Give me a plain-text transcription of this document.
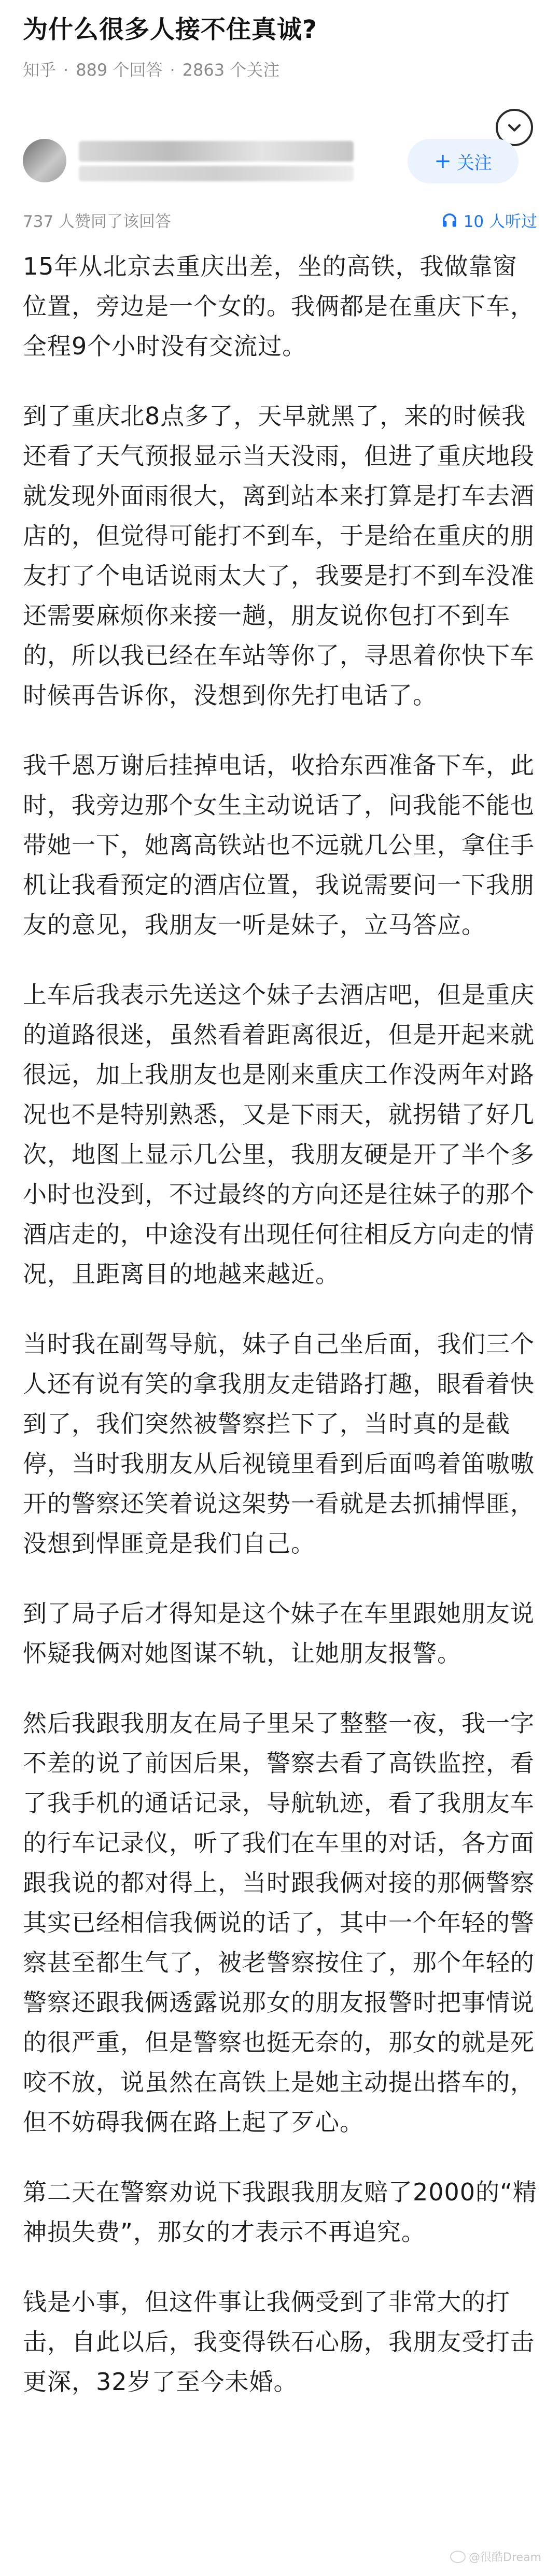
为什么很多人接不住真诚?
知乎 · 889 个回答 · 2863 个关注
+ 关注
737 人赞同了该回答	10 人听过

15年从北京去重庆出差，坐的高铁，我做靠窗位置，旁边是一个女的。我俩都是在重庆下车，全程9个小时没有交流过。

到了重庆北8点多了，天早就黑了，来的时候我还看了天气预报显示当天没雨，但进了重庆地段就发现外面雨很大，离到站本来打算是打车去酒店的，但觉得可能打不到车，于是给在重庆的朋友打了个电话说雨太大了，我要是打不到车没准还需要麻烦你来接一趟，朋友说你包打不到车的，所以我已经在车站等你了，寻思着你快下车时候再告诉你，没想到你先打电话了。

我千恩万谢后挂掉电话，收拾东西准备下车，此时，我旁边那个女生主动说话了，问我能不能也带她一下，她离高铁站也不远就几公里，拿住手机让我看预定的酒店位置，我说需要问一下我朋友的意见，我朋友一听是妹子，立马答应。

上车后我表示先送这个妹子去酒店吧，但是重庆的道路很迷，虽然看着距离很近，但是开起来就很远，加上我朋友也是刚来重庆工作没两年对路况也不是特别熟悉，又是下雨天，就拐错了好几次，地图上显示几公里，我朋友硬是开了半个多小时也没到，不过最终的方向还是往妹子的那个酒店走的，中途没有出现任何往相反方向走的情况，且距离目的地越来越近。

当时我在副驾导航，妹子自己坐后面，我们三个人还有说有笑的拿我朋友走错路打趣，眼看着快到了，我们突然被警察拦下了，当时真的是截停，当时我朋友从后视镜里看到后面鸣着笛嗷嗷开的警察还笑着说这架势一看就是去抓捕悍匪，没想到悍匪竟是我们自己。

到了局子后才得知是这个妹子在车里跟她朋友说怀疑我俩对她图谋不轨，让她朋友报警。

然后我跟我朋友在局子里呆了整整一夜，我一字不差的说了前因后果，警察去看了高铁监控，看了我手机的通话记录，导航轨迹，看了我朋友车的行车记录仪，听了我们在车里的对话，各方面跟我说的都对得上，当时跟我俩对接的那俩警察其实已经相信我俩说的话了，其中一个年轻的警察甚至都生气了，被老警察按住了，那个年轻的警察还跟我俩透露说那女的朋友报警时把事情说的很严重，但是警察也挺无奈的，那女的就是死咬不放，说虽然在高铁上是她主动提出搭车的，但不妨碍我俩在路上起了歹心。

第二天在警察劝说下我跟我朋友赔了2000的“精神损失费”，那女的才表示不再追究。

钱是小事，但这件事让我俩受到了非常大的打击，自此以后，我变得铁石心肠，我朋友受打击更深，32岁了至今未婚。

@很酷Dream
